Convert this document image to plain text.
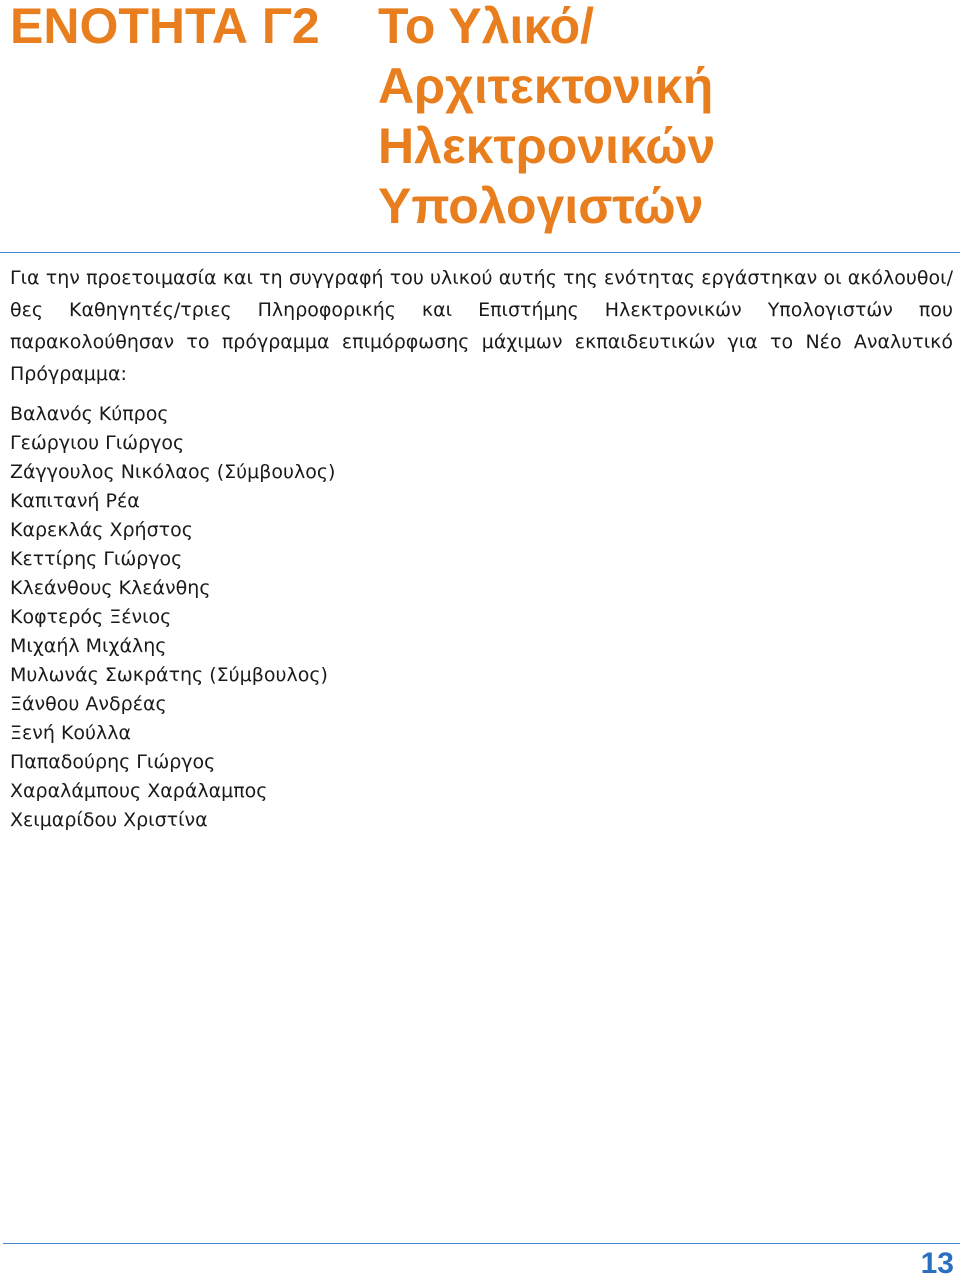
ΕΝΟΤΗΤΑ Γ2 Το Υλικό/
Αρχιτεκτονική
Ηλεκτρονικών
Υπολογιστών

Για την προετοιμασία και τη συγγραφή του υλικού αυτής της ενότητας εργάστηκαν οι ακόλουθοι/θες Καθηγητές/τριες Πληροφορικής και Επιστήμης Ηλεκτρονικών Υπολογιστών που παρακολούθησαν το πρόγραμμα επιμόρφωσης μάχιμων εκπαιδευτικών για το Νέο Αναλυτικό Πρόγραμμα:

Βαλανός Κύπρος
Γεώργιου Γιώργος
Ζάγγουλος Νικόλαος (Σύμβουλος)
Καπιτανή Ρέα
Καρεκλάς Χρήστος
Κεττίρης Γιώργος
Κλεάνθους Κλεάνθης
Κοφτερός Ξένιος
Μιχαήλ Μιχάλης
Μυλωνάς Σωκράτης (Σύμβουλος)
Ξάνθου Ανδρέας
Ξενή Κούλλα
Παπαδούρης Γιώργος
Χαραλάμπους Χαράλαμπος
Χειμαρίδου Χριστίνα
13
